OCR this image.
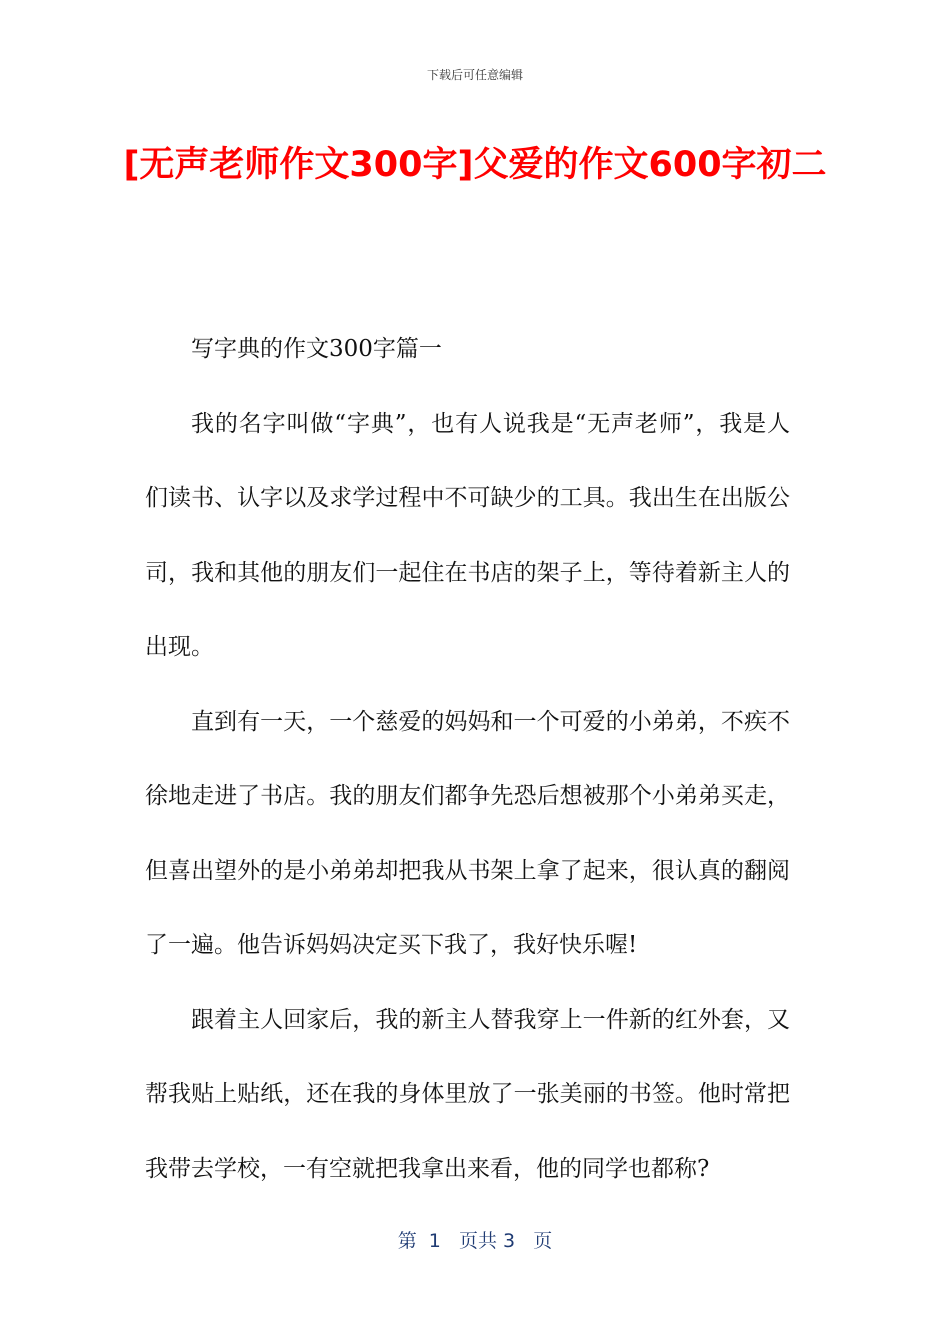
下载后可任意编辑
[无声老师作文300字]父爱的作文600字初二

写字典的作文300字篇一

我的名字叫做“字典”，也有人说我是“无声老师”，我是人们读书、认字以及求学过程中不可缺少的工具。我出生在出版公司，我和其他的朋友们一起住在书店的架子上，等待着新主人的出现。

直到有一天，一个慈爱的妈妈和一个可爱的小弟弟，不疾不徐地走进了书店。我的朋友们都争先恐后想被那个小弟弟买走，但喜出望外的是小弟弟却把我从书架上拿了起来，很认真的翻阅了一遍。他告诉妈妈决定买下我了，我好快乐喔!

跟着主人回家后，我的新主人替我穿上一件新的红外套，又帮我贴上贴纸，还在我的身体里放了一张美丽的书签。他时常把我带去学校，一有空就把我拿出来看，他的同学也都称?

第  1   页共 3   页
